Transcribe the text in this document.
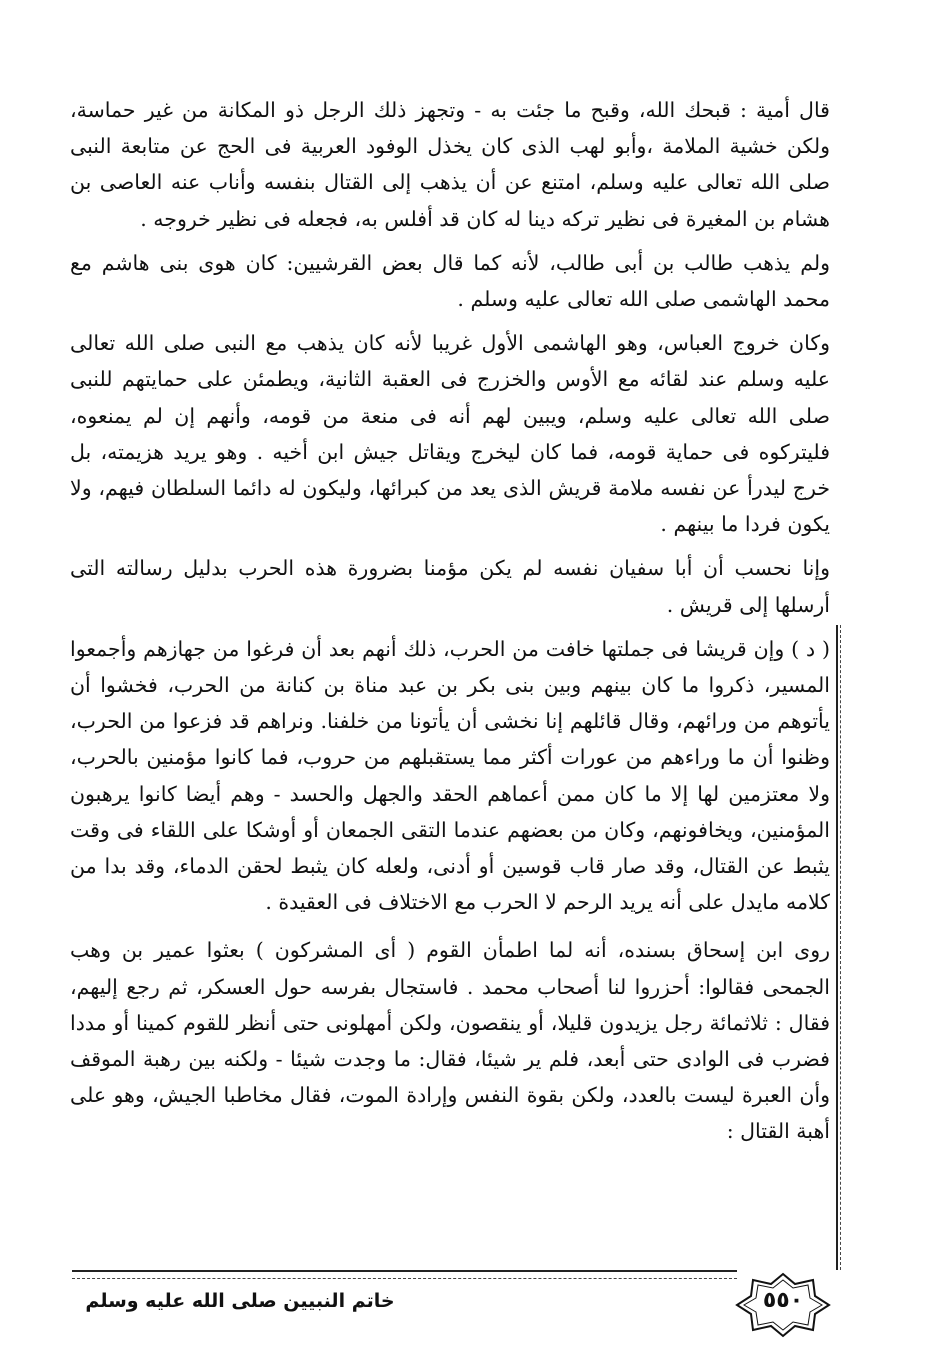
قال أمية : قبحك الله، وقبح ما جئت به - وتجهز ذلك الرجل ذو المكانة من غير حماسة، ولكن خشية الملامة ،وأبو لهب الذى كان يخذل الوفود العربية فى الحج عن متابعة النبى صلى الله تعالى عليه وسلم، امتنع عن أن يذهب إلى القتال بنفسه وأناب عنه العاصى بن هشام بن المغيرة فى نظير تركه دينا له كان قد أفلس به، فجعله فى نظير خروجه .

ولم يذهب طالب بن أبى طالب، لأنه كما قال بعض القرشيين: كان هوى بنى هاشم مع محمد الهاشمى صلى الله تعالى عليه وسلم .

وكان خروج العباس، وهو الهاشمى الأول غريبا لأنه كان يذهب مع النبى صلى الله تعالى عليه وسلم عند لقائه مع الأوس والخزرج فى العقبة الثانية، ويطمئن على حمايتهم للنبى صلى الله تعالى عليه وسلم، ويبين لهم أنه فى منعة من قومه، وأنهم إن لم يمنعوه، فليتركوه فى حماية قومه، فما كان ليخرج ويقاتل جيش ابن أخيه . وهو يريد هزيمته، بل خرج ليدرأ عن نفسه ملامة قريش الذى يعد من كبرائها، وليكون له دائما السلطان فيهم، ولا يكون فردا ما بينهم .

وإنا نحسب أن أبا سفيان نفسه لم يكن مؤمنا بضرورة هذه الحرب بدليل رسالته التى أرسلها إلى قريش .

( د ) وإن قريشا فى جملتها خافت من الحرب، ذلك أنهم بعد أن فرغوا من جهازهم وأجمعوا المسير، ذكروا ما كان بينهم وبين بنى بكر بن عبد مناة بن كنانة من الحرب، فخشوا أن يأتوهم من ورائهم، وقال قائلهم إنا نخشى أن يأتونا من خلفنا. ونراهم قد فزعوا من الحرب، وظنوا أن ما وراءهم من عورات أكثر مما يستقبلهم من حروب، فما كانوا مؤمنين بالحرب، ولا معتزمين لها إلا ما كان ممن أعماهم الحقد والجهل والحسد - وهم أيضا كانوا يرهبون المؤمنين، ويخافونهم، وكان من بعضهم عندما التقى الجمعان أو أوشكا على اللقاء فى وقت يثبط عن القتال، وقد صار قاب قوسين أو أدنى، ولعله كان يثبط لحقن الدماء، وقد بدا من كلامه مايدل على أنه يريد الرحم لا الحرب مع الاختلاف فى العقيدة .

روى ابن إسحاق بسنده، أنه لما اطمأن القوم ( أى المشركون ) بعثوا عمير بن وهب الجمحى فقالوا: أحزروا لنا أصحاب محمد . فاستجال بفرسه حول العسكر، ثم رجع إليهم، فقال : ثلاثمائة رجل يزيدون قليلا، أو ينقصون، ولكن أمهلونى حتى أنظر للقوم كمينا أو مددا فضرب فى الوادى حتى أبعد، فلم ير شيئا، فقال: ما وجدت شيئا - ولكنه بين رهبة الموقف وأن العبرة ليست بالعدد، ولكن بقوة النفس وإرادة الموت، فقال مخاطبا الجيش، وهو على أهبة القتال :

خاتم النبيين صلى الله عليه وسلم	٥٥٠
